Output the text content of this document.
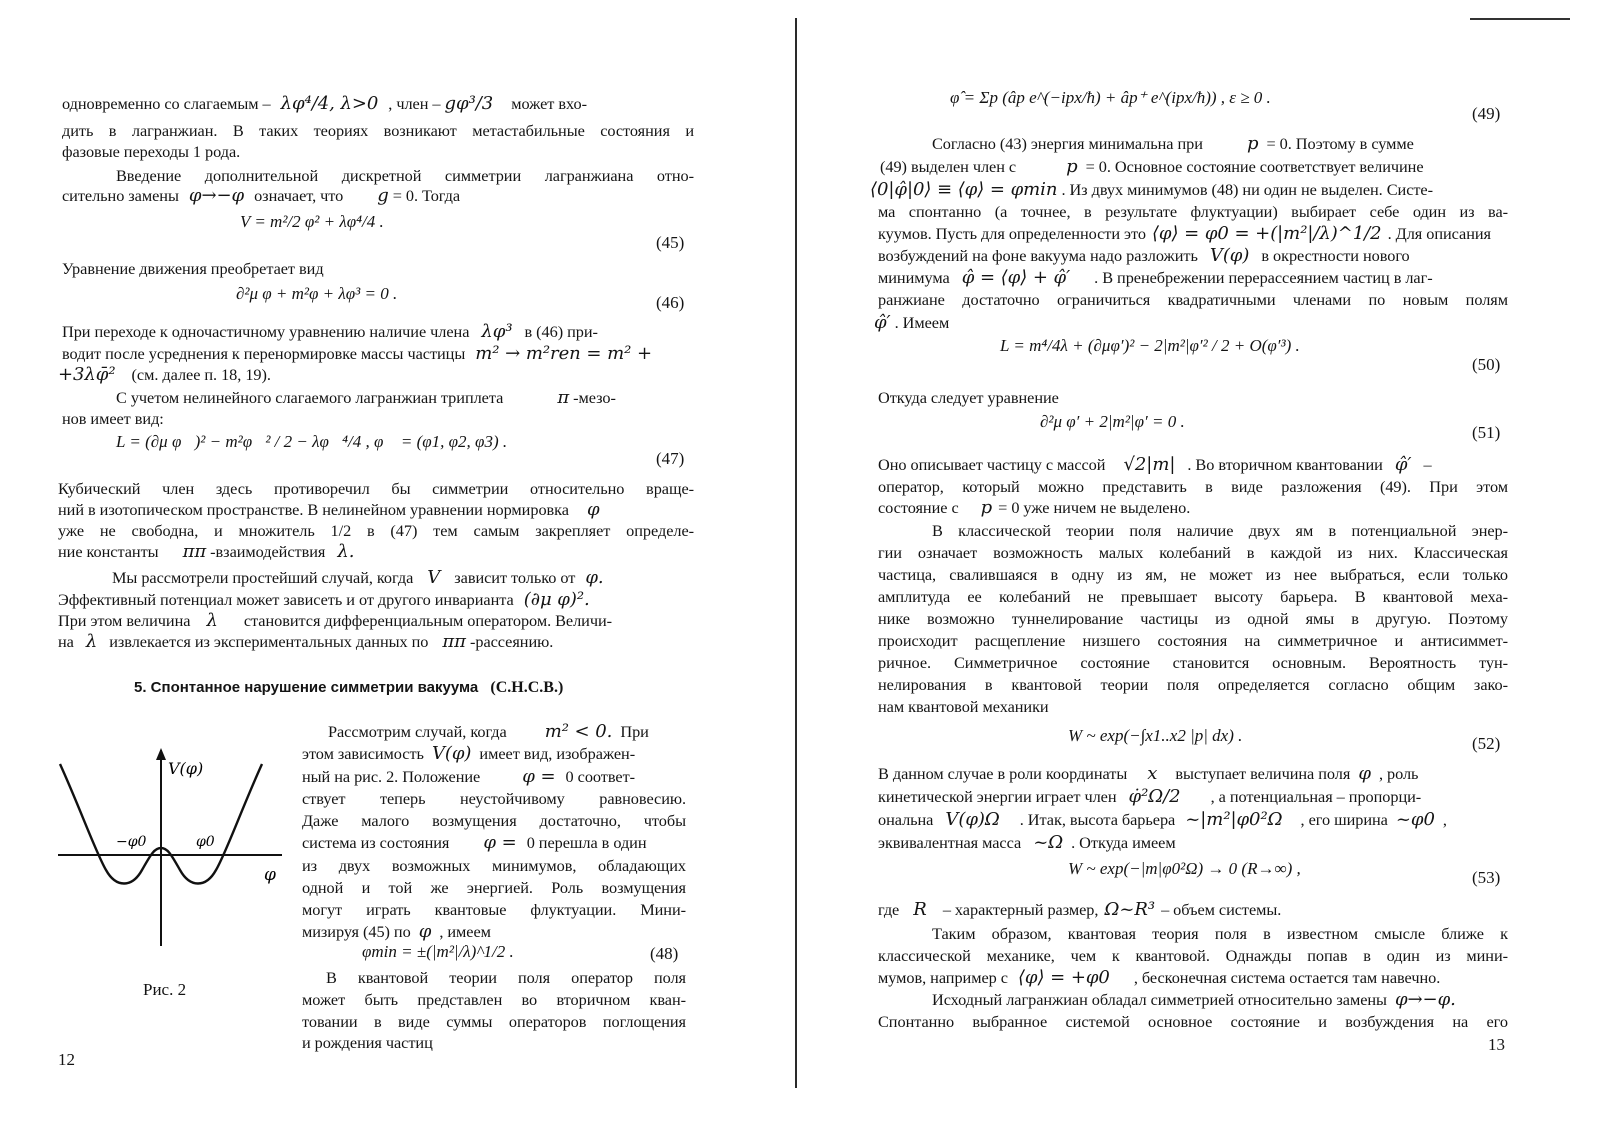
одновременно со слагаемым – λφ⁴/4, λ>0 , член – gφ³/3 может вхо-
дить в лагранжиан. В таких теориях возникают метастабильные состояния и
фазовые переходы 1 рода.
Введение дополнительной дискретной симметрии лагранжиана отно-
сительно замены φ→−φ означает, что g = 0. Тогда
V = m²/2 φ² + λφ⁴/4 .
(45)
Уравнение движения преобретает вид
∂²μ φ + m²φ + λφ³ = 0 .	(46)
При переходе к одночастичному уравнению наличие члена λφ³ в (46) при-
водит после усреднения к перенормировке массы частицы m² → m²ren = m² +
+3λφ̄² (см. далее п. 18, 19).
С учетом нелинейного слагаемого лагранжиан триплета	π -мезо-
нов имеет вид:
L = (∂μ φ⃗)² − m²φ⃗² / 2 − λφ⃗⁴/4 , φ⃗ = (φ1, φ2, φ3) .
(47)
Кубический член здесь противоречил бы симметрии относительно враще-
ний в изотопическом пространстве. В нелинейном уравнении нормировка φ
уже не свободна, и множитель 1/2 в (47) тем самым закрепляет определе-
ние константы ππ -взаимодействия λ.
Мы рассмотрели простейший случай, когда V зависит только от φ.
Эффективный потенциал может зависеть и от другого инварианта (∂μ φ)².
При этом величина λ становится дифференциальным оператором. Величи-
на λ извлекается из экспериментальных данных по ππ -рассеянию.
5. Спонтанное нарушение симметрии вакуума (С.Н.С.В.)
V(φ)
φ
−φ0	φ0
Рис. 2
Рассмотрим случай, когда m² < 0. При
этом зависимость V(φ) имеет вид, изображен-
ный на рис. 2. Положение φ = 0 соответ-
ствует теперь неустойчивому равновесию.
Даже малого возмущения достаточно, чтобы
система из состояния φ = 0 перешла в один
из двух возможных минимумов, обладающих
одной и той же энергией. Роль возмущения
могут играть квантовые флуктуации. Мини-
мизируя (45) по φ , имеем
φmin = ±(|m²|/λ)^1/2 .	(48)
В квантовой теории поля оператор поля
может быть представлен во вторичном кван-
товании в виде суммы операторов поглощения
и рождения частиц
12
φ̂ = Σp (âp e^(−ipx/ħ) + âp⁺ e^(ipx/ħ)) , ε ≥ 0 .
(49)
Согласно (43) энергия минимальна при p = 0. Поэтому в сумме
(49) выделен член с	p = 0. Основное состояние соответствует величине
⟨0|φ̂|0⟩ ≡ ⟨φ⟩ = φmin . Из двух минимумов (48) ни один не выделен. Систе-
ма спонтанно (а точнее, в результате флуктуации) выбирает себе один из ва-
куумов. Пусть для определенности это ⟨φ⟩ = φ0 = +(|m²|/λ)^1/2 . Для описания
возбуждений на фоне вакуума надо разложить V(φ) в окрестности нового
минимума φ̂ = ⟨φ⟩ + φ̂′ . В пренебрежении перерассеянием частиц в лаг-
ранжиане достаточно ограничиться квадратичными членами по новым полям
φ̂′ . Имеем
L = m⁴/4λ + (∂μφ′)² − 2|m²|φ′² / 2 + O(φ′³) .
(50)
Откуда следует уравнение
∂²μ φ′ + 2|m²|φ′ = 0 .
(51)
Оно описывает частицу с массой √2|m| . Во вторичном квантовании φ̂′ –
оператор, который можно представить в виде разложения (49). При этом
состояние с p = 0 уже ничем не выделено.
В классической теории поля наличие двух ям в потенциальной энер-
гии означает возможность малых колебаний в каждой из них. Классическая
частица, свалившаяся в одну из ям, не может из нее выбраться, если только
амплитуда ее колебаний не превышает высоту барьера. В квантовой меха-
нике возможно туннелирование частицы из одной ямы в другую. Поэтому
происходит расщепление низшего состояния на симметричное и антисиммет-
ричное. Симметричное состояние становится основным. Вероятность тун-
нелирования в квантовой теории поля определяется согласно общим зако-
нам квантовой механики
W ~ exp(−∫x1..x2 |p| dx) .	(52)
В данном случае в роли координаты x выступает величина поля φ , роль
кинетической энергии играет член φ̇²Ω/2 , а потенциальная – пропорци-
ональна V(φ)Ω . Итак, высота барьера ~|m²|φ0²Ω , его ширина ~φ0 ,
эквивалентная масса ~Ω . Откуда имеем
W ~ exp(−|m|φ0²Ω) → 0 (R→∞) ,	(53)
где R – характерный размер, Ω~R³ – объем системы.
Таким образом, квантовая теория поля в известном смысле ближе к
классической механике, чем к квантовой. Однажды попав в один из мини-
мумов, например с ⟨φ⟩ = +φ0 , бесконечная система остается там навечно.
Исходный лагранжиан обладал симметрией относительно замены φ→−φ.
Спонтанно выбранное системой основное состояние и возбуждения на его
13
